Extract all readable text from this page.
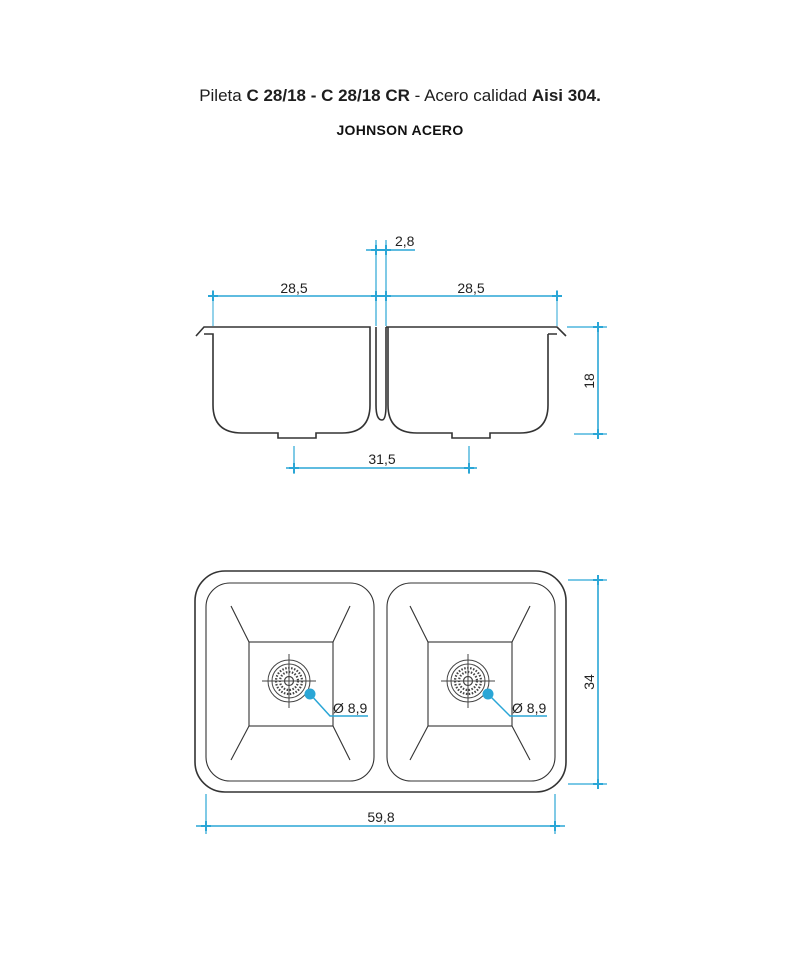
Pileta C 28/18 - C 28/18 CR - Acero calidad Aisi 304.
JOHNSON ACERO
28,5	28,5
2,8
18
31,5
Ø 8,9	Ø 8,9
34
59,8
